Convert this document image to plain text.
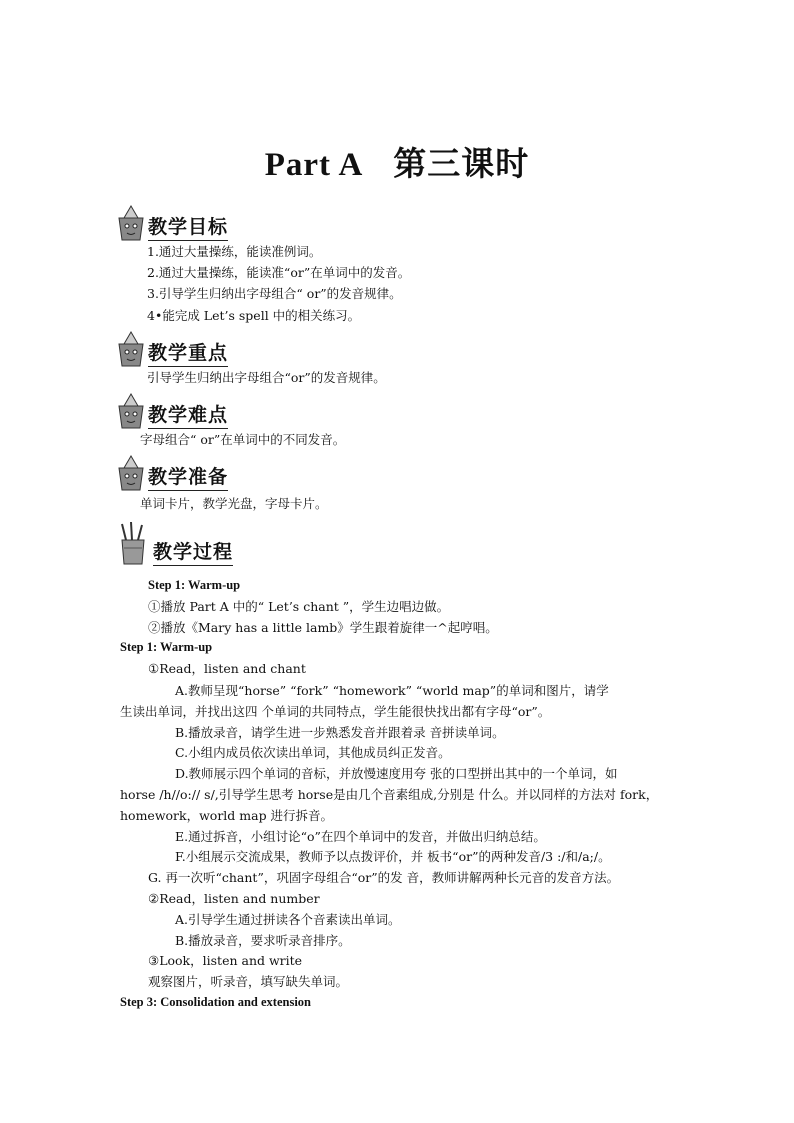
Part A 第三课时
教学目标
1.通过大量操练，能读准例词。
2.通过大量操练，能读准“or”在单词中的发音。
3.引导学生归纳出字母组合“ or”的发音规律。
4•能完成 Let’s spell 中的相关练习。
教学重点
引导学生归纳出字母组合“or”的发音规律。
教学难点
字母组合“ or”在单词中的不同发音。
教学准备
单词卡片，教学光盘，字母卡片。
教学过程
Step 1: Warm-up
①播放 Part A 中的“ Let’s chant ”，学生边唱边做。
②播放《Mary has a little lamb》学生跟着旋律一^起哼唱。
Step 1: Warm-up
①Read，listen and chant
A.教师呈现“horse” “fork” “homework” “world map”的单词和图片，请学
生读出单词，并找出这四 个单词的共同特点，学生能很快找出都有字母“or”。
B.播放录音，请学生进一步熟悉发音并跟着录 音拼读单词。
C.小组内成员依次读出单词，其他成员纠正发音。
D.教师展示四个单词的音标，并放慢速度用夸 张的口型拼出其中的一个单词，如
horse /h//o:// s/,引导学生思考 horse是由几个音素组成,分别是 什么。并以同样的方法对 fork，
homework，world map 进行拆音。
E.通过拆音，小组讨论“o”在四个单词中的发音，并做出归纳总结。
F.小组展示交流成果，教师予以点拨评价，并 板书“or”的两种发音/3 :/和/a;/。
G. 再一次听“chant”，巩固字母组合“or”的发 音，教师讲解两种长元音的发音方法。
②Read，listen and number
A.引导学生通过拼读各个音素读出单词。
B.播放录音，要求听录音排序。
③Look，listen and write
观察图片，听录音，填写缺失单词。
Step 3: Consolidation and extension
